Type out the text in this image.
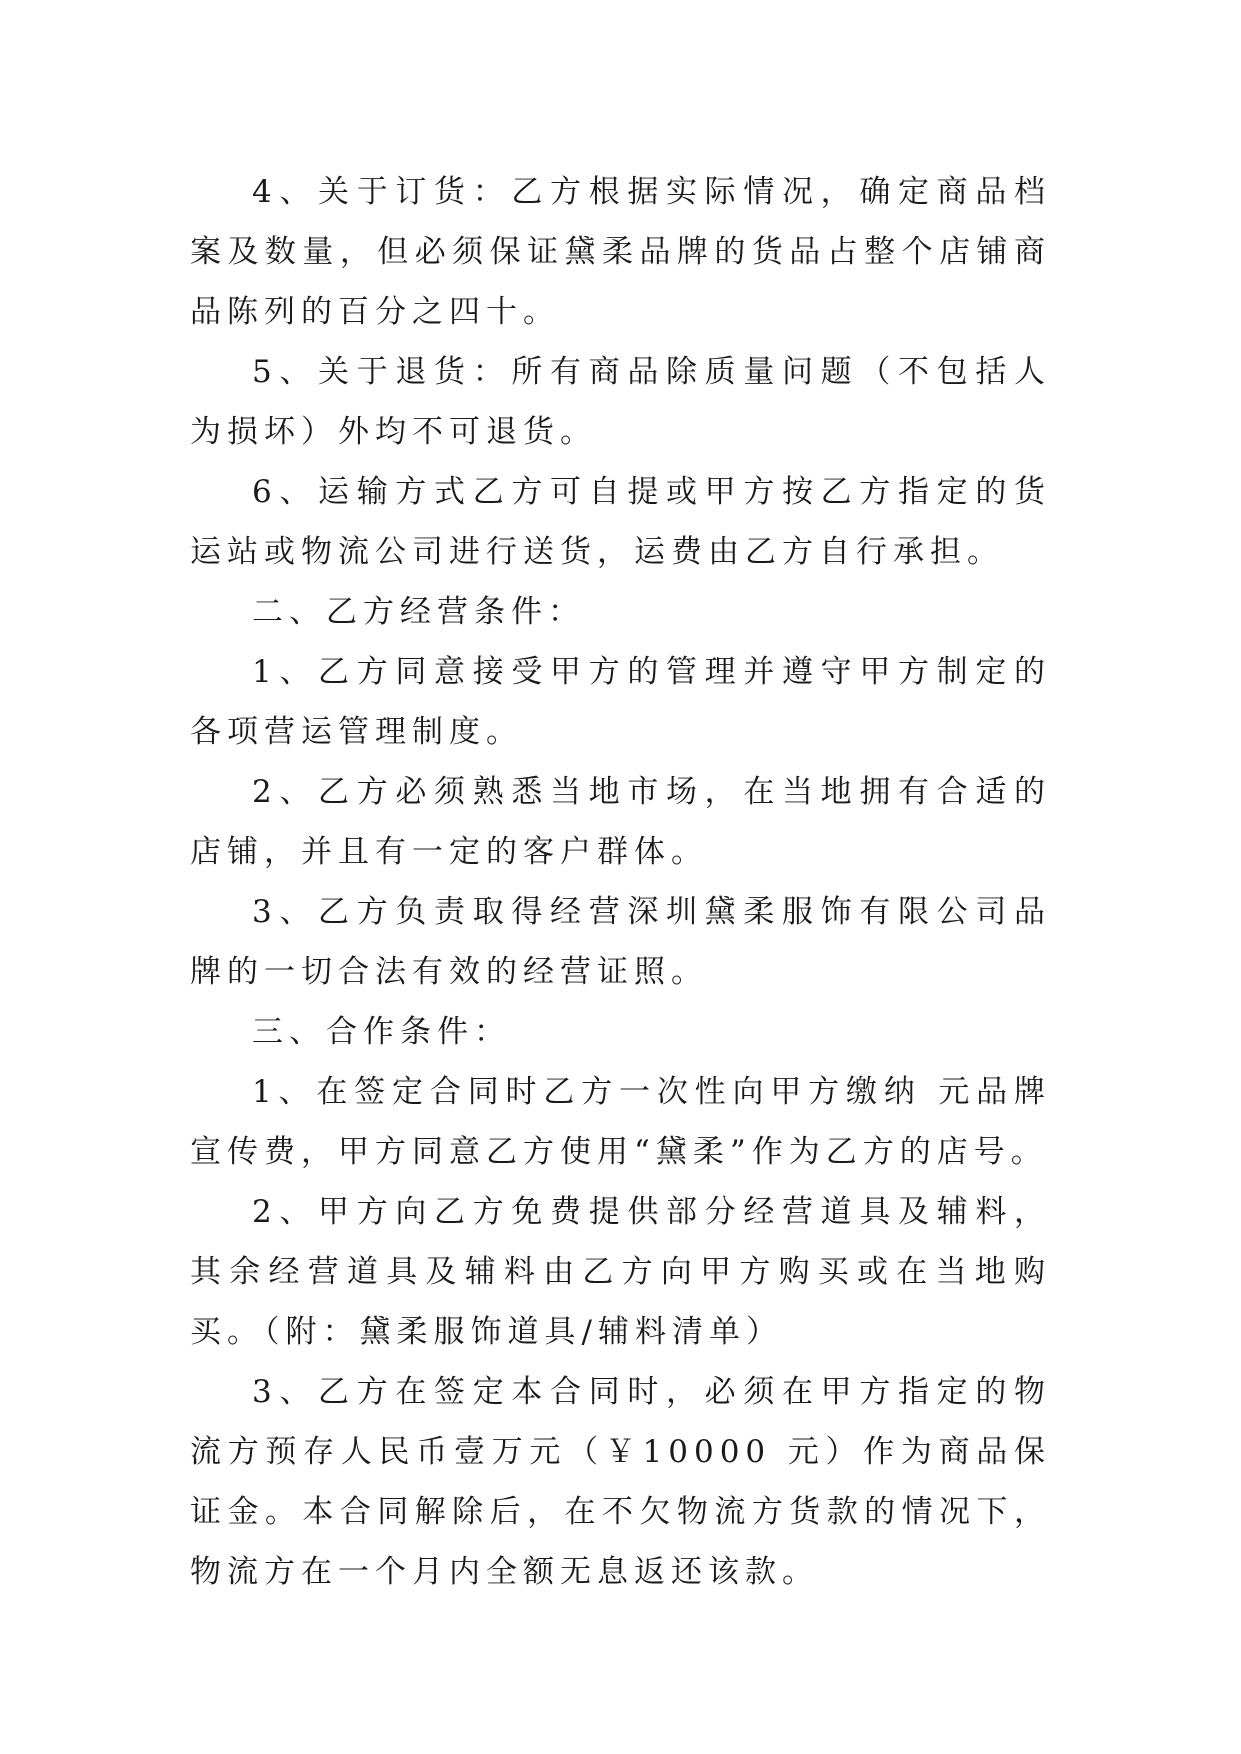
4、关于订货：乙方根据实际情况，确定商品档案及数量，但必须保证黛柔品牌的货品占整个店铺商品陈列的百分之四十。

5、关于退货：所有商品除质量问题（不包括人为损坏）外均不可退货。

6、运输方式乙方可自提或甲方按乙方指定的货运站或物流公司进行送货，运费由乙方自行承担。

二、乙方经营条件：

1、乙方同意接受甲方的管理并遵守甲方制定的各项营运管理制度。

2、乙方必须熟悉当地市场，在当地拥有合适的店铺，并且有一定的客户群体。

3、乙方负责取得经营深圳黛柔服饰有限公司品牌的一切合法有效的经营证照。

三、合作条件：

1、在签定合同时乙方一次性向甲方缴纳 元品牌宣传费，甲方同意乙方使用“黛柔”作为乙方的店号。

2、甲方向乙方免费提供部分经营道具及辅料，其余经营道具及辅料由乙方向甲方购买或在当地购买。（附：黛柔服饰道具/辅料清单）

3、乙方在签定本合同时，必须在甲方指定的物流方预存人民币壹万元（￥10000 元）作为商品保证金。本合同解除后，在不欠物流方货款的情况下，物流方在一个月内全额无息返还该款。
